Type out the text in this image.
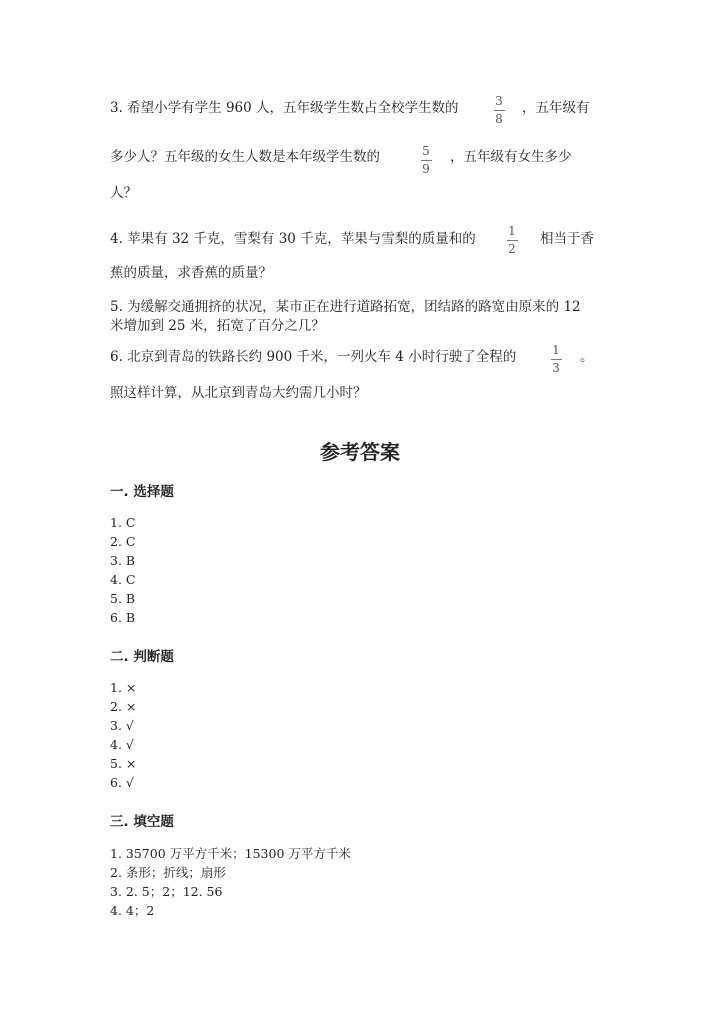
3. 希望小学有学生 960 人，五年级学生数占全校学生数的	3
8
，五年级有
多少人？五年级的女生人数是本年级学生数的	5
9
，五年级有女生多少
人？
4. 苹果有 32 千克，雪梨有 30 千克，苹果与雪梨的质量和的	1
2
相当于香
蕉的质量，求香蕉的质量？
5. 为缓解交通拥挤的状况，某市正在进行道路拓宽，团结路的路宽由原来的 12
米增加到 25 米，拓宽了百分之几？
6. 北京到青岛的铁路长约 900 千米，一列火车 4 小时行驶了全程的	1
3
。
照这样计算，从北京到青岛大约需几小时？
参考答案
一. 选择题
1. C
2. C
3. B
4. C
5. B
6. B
二. 判断题
1. ×
2. ×
3. √
4. √
5. ×
6. √
三. 填空题
1. 35700 万平方千米；15300 万平方千米
2. 条形；折线；扇形
3. 2. 5；2；12. 56
4. 4；2
